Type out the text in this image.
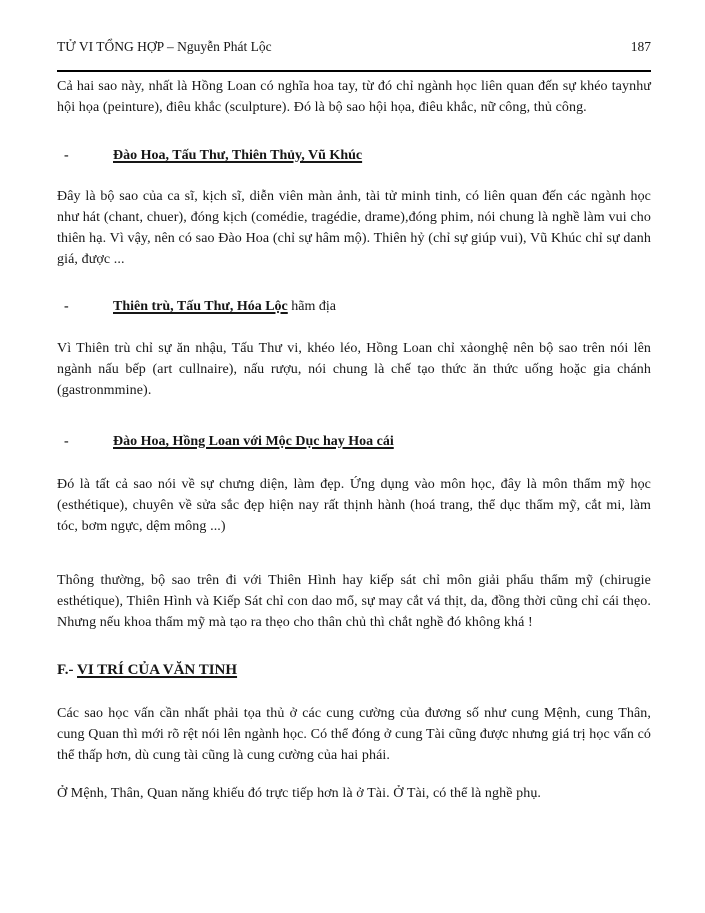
TỬ VI TỔNG HỢP – Nguyễn Phát Lộc	187

Cả hai sao này, nhất là Hồng Loan có nghĩa hoa tay, từ đó chỉ ngành học liên quan đến sự khéo taynhư hội họa (peinture), điêu khắc (sculpture). Đó là bộ sao hội họa, điêu khắc, nữ công, thủ công.

-	Đào Hoa, Tấu Thư, Thiên Thủy, Vũ Khúc

Đây là bộ sao của ca sĩ, kịch sĩ, diễn viên màn ảnh, tài tử minh tinh, có liên quan đến các ngành học như hát (chant, chuer), đóng kịch (comédie, tragédie, drame),đóng phim, nói chung là nghề làm vui cho thiên hạ. Vì vậy, nên có sao Đào Hoa (chỉ sự hâm mộ). Thiên hỷ (chỉ sự giúp vui), Vũ Khúc chỉ sự danh giá, được ...

-	Thiên trù, Tấu Thư, Hóa Lộc hãm địa

Vì Thiên trù chỉ sự ăn nhậu, Tấu Thư vi, khéo léo, Hồng Loan chỉ xảonghệ nên bộ sao trên nói lên ngành nấu bếp (art cullnaire), nấu rượu, nói chung là chế tạo thức ăn thức uống hoặc gia chánh (gastronmmine).

-	Đào Hoa, Hồng Loan với Mộc Dục hay Hoa cái

Đó là tất cả sao nói về sự chưng diện, làm đẹp. Ứng dụng vào môn học, đây là môn thẩm mỹ học (esthétique), chuyên về sửa sắc đẹp hiện nay rất thịnh hành (hoá trang, thể dục thẩm mỹ, cắt mi, làm tóc, bơm ngực, dệm mông ...)

Thông thường, bộ sao trên đi với Thiên Hình hay kiếp sát chỉ môn giải phẩu thẩm mỹ (chirugie esthétique), Thiên Hình và Kiếp Sát chỉ con dao mổ, sự may cắt vá thịt, da, đồng thời cũng chỉ cái thẹo. Nhưng nếu khoa thẩm mỹ mà tạo ra thẹo cho thân chủ thì chắt nghề đó không khá !

F.- VI TRÍ CỦA VĂN TINH

Các sao học vấn cần nhất phải tọa thủ ở các cung cường của đương số như cung Mệnh, cung Thân, cung Quan thì mới rõ rệt nói lên ngành học. Có thể đóng ở cung Tài cũng được nhưng giá trị học vấn có thể thấp hơn, dù cung tài cũng là cung cường của hai phái.

Ở Mệnh, Thân, Quan năng khiếu đó trực tiếp hơn là ở Tài. Ở Tài, có thể là nghề phụ.
